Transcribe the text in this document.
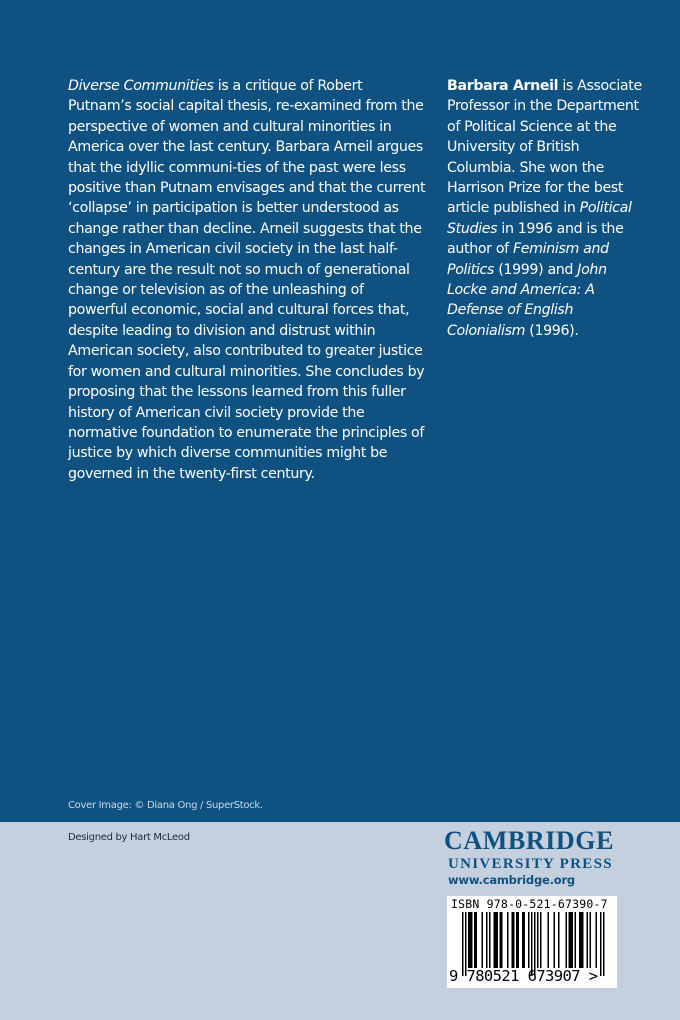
Diverse Communities is a critique of Robert Putnam’s social capital thesis, re-examined from the perspective of women and cultural minorities in America over the last century. Barbara Arneil argues that the idyllic communi-ties of the past were less positive than Putnam envisages and that the current ‘collapse’ in participation is better understood as change rather than decline. Arneil suggests that the changes in American civil society in the last half-century are the result not so much of generational change or television as of the unleashing of powerful economic, social and cultural forces that, despite leading to division and distrust within American society, also contributed to greater justice for women and cultural minorities. She concludes by proposing that the lessons learned from this fuller history of American civil society provide the normative foundation to enumerate the principles of justice by which diverse communities might be governed in the twenty-first century.

Barbara Arneil is Associate Professor in the Department of Political Science at the University of British Columbia. She won the Harrison Prize for the best article published in Political Studies in 1996 and is the author of Feminism and Politics (1999) and John Locke and America: A Defense of English Colonialism (1996).

Cover Image: © Diana Ong / SuperStock.
Designed by Hart McLeod	CAMBRIDGE
UNIVERSITY PRESS
www.cambridge.org
ISBN 978-0-521-67390-7
9 780521 673907 >
